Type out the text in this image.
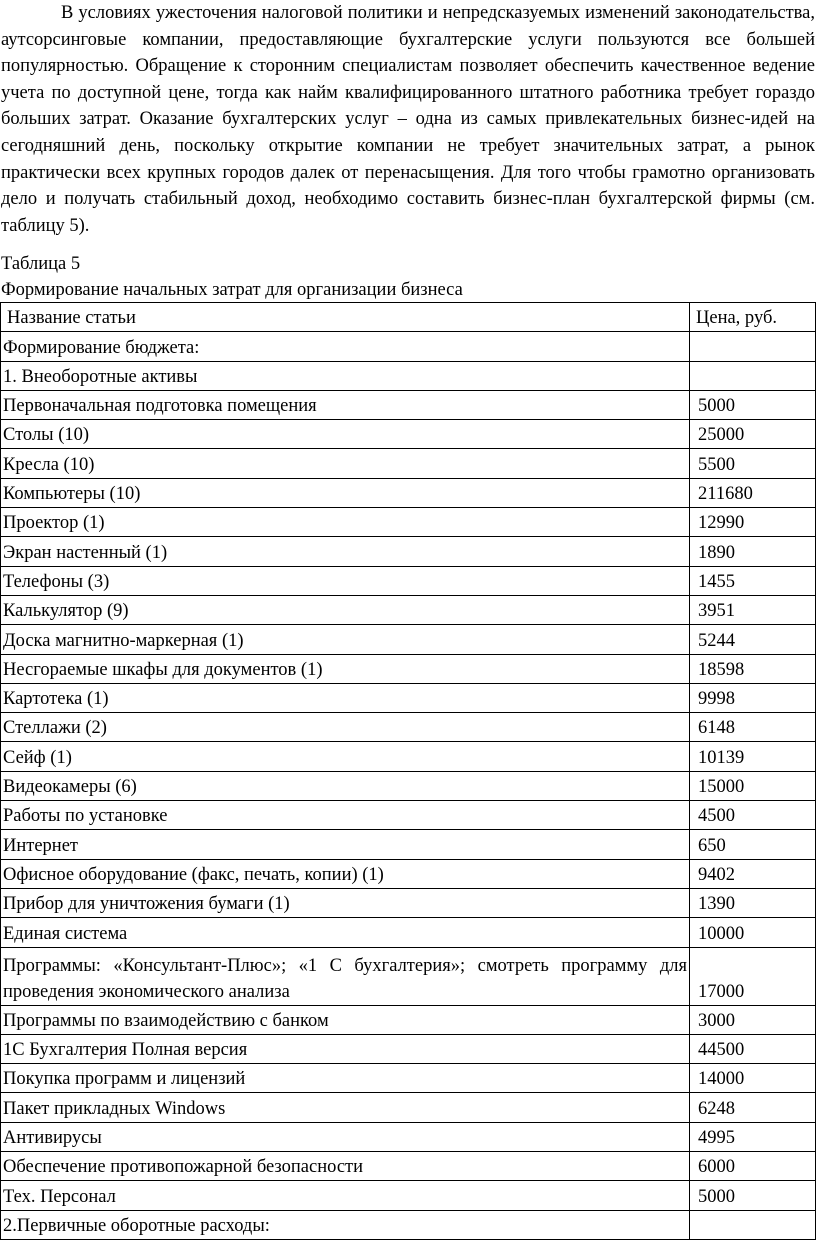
В условиях ужесточения налоговой политики и непредсказуемых изменений законодательства, аутсорсинговые компании, предоставляющие бухгалтерские услуги пользуются все большей популярностью. Обращение к сторонним специалистам позволяет обеспечить качественное ведение учета по доступной цене, тогда как найм квалифицированного штатного работника требует гораздо больших затрат. Оказание бухгалтерских услуг – одна из самых привлекательных бизнес-идей на сегодняшний день, поскольку открытие компании не требует значительных затрат, а рынок практически всех крупных городов далек от перенасыщения. Для того чтобы грамотно организовать дело и получать стабильный доход, необходимо составить бизнес-план бухгалтерской фирмы (см. таблицу 5).

Таблица 5

Формирование начальных затрат для организации бизнеса

Название статьи	Цена, руб.
Формирование бюджета:	
1. Внеоборотные активы	
Первоначальная подготовка помещения	5000
Столы (10)	25000
Кресла (10)	5500
Компьютеры (10)	211680
Проектор (1)	12990
Экран настенный (1)	1890
Телефоны (3)	1455
Калькулятор (9)	3951
Доска магнитно-маркерная (1)	5244
Несгораемые шкафы для документов (1)	18598
Картотека (1)	9998
Стеллажи (2)	6148
Сейф (1)	10139
Видеокамеры (6)	15000
Работы по установке	4500
Интернет	650
Офисное оборудование (факс, печать, копии) (1)	9402
Прибор для уничтожения бумаги (1)	1390
Единая система	10000
Программы: «Консультант-Плюс»; «1 С бухгалтерия»; смотреть программу для проведения экономического анализа	17000
Программы по взаимодействию с банком	3000
1С Бухгалтерия Полная версия	44500
Покупка программ и лицензий	14000
Пакет прикладных Windows	6248
Антивирусы	4995
Обеспечение противопожарной безопасности	6000
Тех. Персонал	5000
2.Первичные оборотные расходы:	
